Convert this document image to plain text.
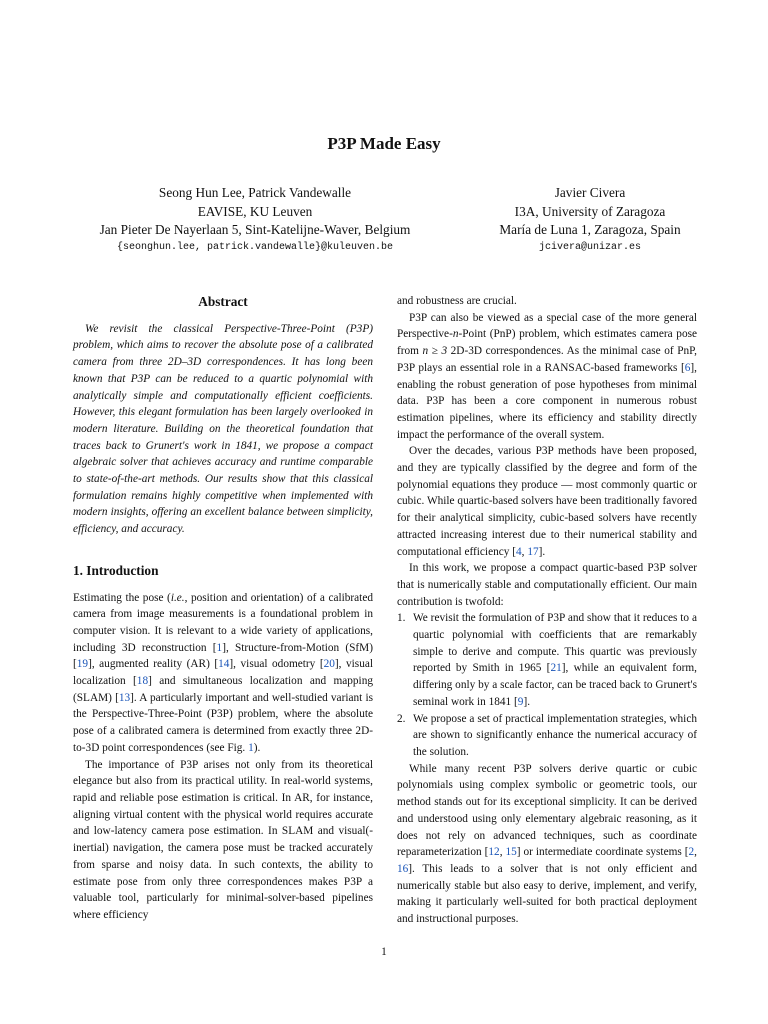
P3P Made Easy
Seong Hun Lee, Patrick Vandewalle
EAVISE, KU Leuven
Jan Pieter De Nayerlaan 5, Sint-Katelijne-Waver, Belgium
{seonghun.lee, patrick.vandewalle}@kuleuven.be
Javier Civera
I3A, University of Zaragoza
María de Luna 1, Zaragoza, Spain
jcivera@unizar.es
Abstract

We revisit the classical Perspective-Three-Point (P3P) problem, which aims to recover the absolute pose of a calibrated camera from three 2D–3D correspondences. It has long been known that P3P can be reduced to a quartic polynomial with analytically simple and computationally efficient coefficients. However, this elegant formulation has been largely overlooked in modern literature. Building on the theoretical foundation that traces back to Grunert's work in 1841, we propose a compact algebraic solver that achieves accuracy and runtime comparable to state-of-the-art methods. Our results show that this classical formulation remains highly competitive when implemented with modern insights, offering an excellent balance between simplicity, efficiency, and accuracy.

1. Introduction

Estimating the pose (i.e., position and orientation) of a calibrated camera from image measurements is a foundational problem in computer vision. It is relevant to a wide variety of applications, including 3D reconstruction [1], Structure-from-Motion (SfM) [19], augmented reality (AR) [14], visual odometry [20], visual localization [18] and simultaneous localization and mapping (SLAM) [13]. A particularly important and well-studied variant is the Perspective-Three-Point (P3P) problem, where the absolute pose of a calibrated camera is determined from exactly three 2D-to-3D point correspondences (see Fig. 1).

The importance of P3P arises not only from its theoretical elegance but also from its practical utility. In real-world systems, rapid and reliable pose estimation is critical. In AR, for instance, aligning virtual content with the physical world requires accurate and low-latency camera pose estimation. In SLAM and visual(-inertial) navigation, the camera pose must be tracked accurately from sparse and noisy data. In such contexts, the ability to estimate pose from only three correspondences makes P3P a valuable tool, particularly for minimal-solver-based pipelines where efficiency

and robustness are crucial.

P3P can also be viewed as a special case of the more general Perspective-n-Point (PnP) problem, which estimates camera pose from n ≥ 3 2D-3D correspondences. As the minimal case of PnP, P3P plays an essential role in a RANSAC-based frameworks [6], enabling the robust generation of pose hypotheses from minimal data. P3P has been a core component in numerous robust estimation pipelines, where its efficiency and stability directly impact the performance of the overall system.

Over the decades, various P3P methods have been proposed, and they are typically classified by the degree and form of the polynomial equations they produce — most commonly quartic or cubic. While quartic-based solvers have been traditionally favored for their analytical simplicity, cubic-based solvers have recently attracted increasing interest due to their numerical stability and computational efficiency [4, 17].

In this work, we propose a compact quartic-based P3P solver that is numerically stable and computationally efficient. Our main contribution is twofold:

1. We revisit the formulation of P3P and show that it reduces to a quartic polynomial with coefficients that are remarkably simple to derive and compute. This quartic was previously reported by Smith in 1965 [21], while an equivalent form, differing only by a scale factor, can be traced back to Grunert's seminal work in 1841 [9].
2. We propose a set of practical implementation strategies, which are shown to significantly enhance the numerical accuracy of the solution.

While many recent P3P solvers derive quartic or cubic polynomials using complex symbolic or geometric tools, our method stands out for its exceptional simplicity. It can be derived and understood using only elementary algebraic reasoning, as it does not rely on advanced techniques, such as coordinate reparameterization [12, 15] or intermediate coordinate systems [2, 16]. This leads to a solver that is not only efficient and numerically stable but also easy to derive, implement, and verify, making it particularly well-suited for both practical deployment and instructional purposes.

1
